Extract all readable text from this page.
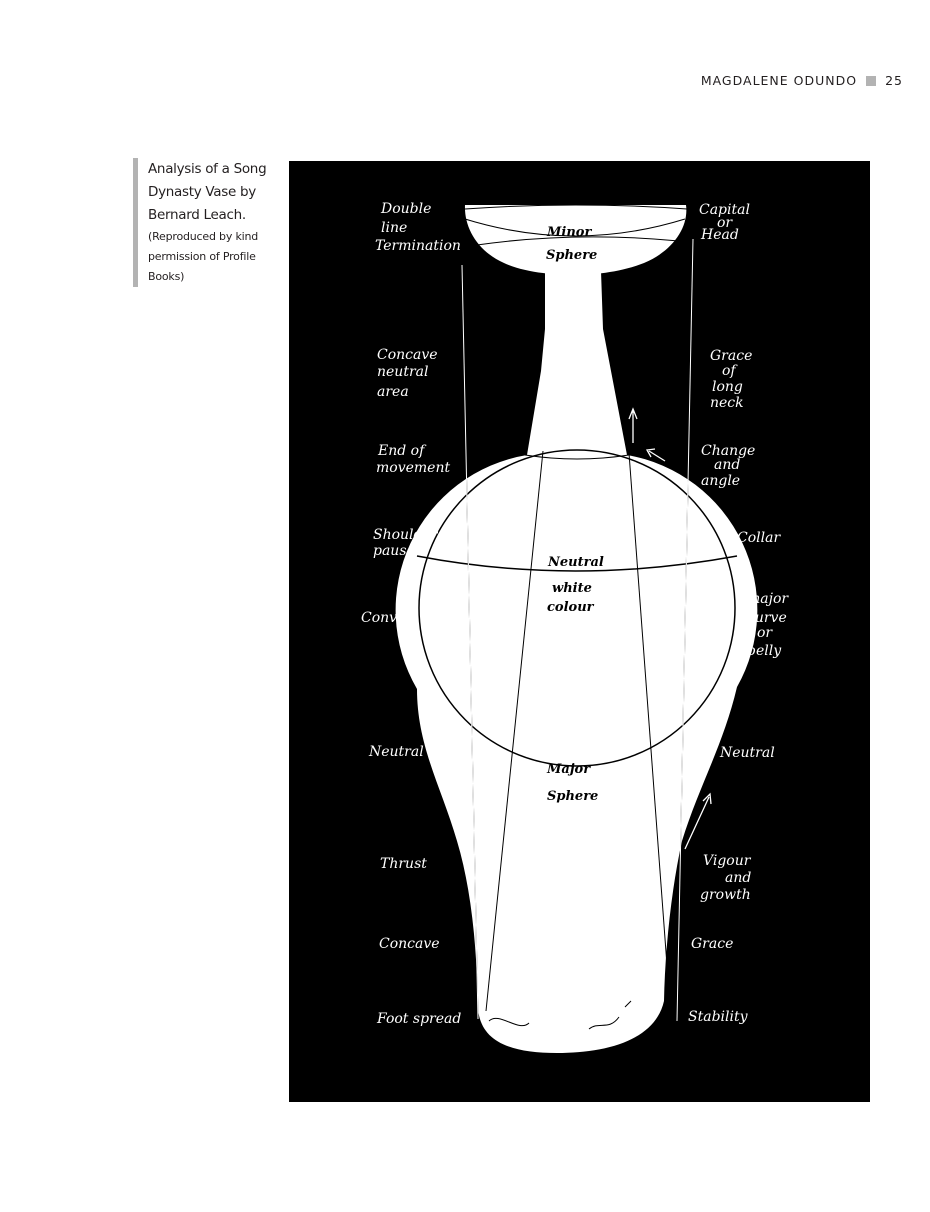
MAGDALENE ODUNDO 25
Analysis of a Song Dynasty Vase by Bernard Leach.
(Reproduced by kind permission of Profile Books)
Double
line
Termination
Concave
neutral
area
End of
movement
Shoulder
pause
Convex
Neutral
Thrust
Concave
Foot spread
Capital
or
Head
Grace
of
long
neck
Change
and
angle
Collar
major
curve
or
belly
Neutral
Vigour
and
growth
Grace
Stability
Minor
Sphere
Neutral
white
colour
Major
Sphere
